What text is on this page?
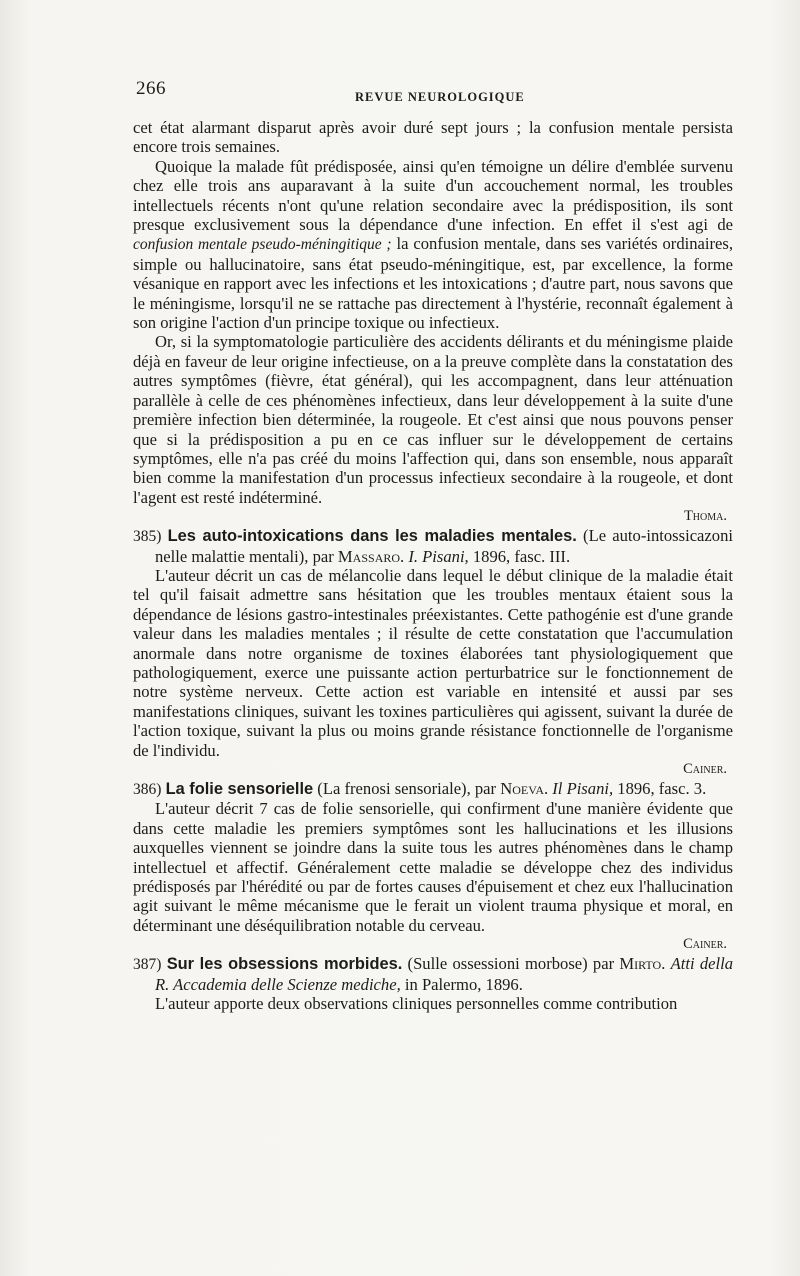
266	REVUE NEUROLOGIQUE

cet état alarmant disparut après avoir duré sept jours ; la confusion mentale persista encore trois semaines.

Quoique la malade fût prédisposée, ainsi qu'en témoigne un délire d'emblée survenu chez elle trois ans auparavant à la suite d'un accouchement normal, les troubles intellectuels récents n'ont qu'une relation secondaire avec la prédisposition, ils sont presque exclusivement sous la dépendance d'une infection. En effet il s'est agi de confusion mentale pseudo-méningitique ; la confusion mentale, dans ses variétés ordinaires, simple ou hallucinatoire, sans état pseudo-méningitique, est, par excellence, la forme vésanique en rapport avec les infections et les intoxications ; d'autre part, nous savons que le méningisme, lorsqu'il ne se rattache pas directement à l'hystérie, reconnaît également à son origine l'action d'un principe toxique ou infectieux.

Or, si la symptomatologie particulière des accidents délirants et du méningisme plaide déjà en faveur de leur origine infectieuse, on a la preuve complète dans la constatation des autres symptômes (fièvre, état général), qui les accompagnent, dans leur atténuation parallèle à celle de ces phénomènes infectieux, dans leur développement à la suite d'une première infection bien déterminée, la rougeole. Et c'est ainsi que nous pouvons penser que si la prédisposition a pu en ce cas influer sur le développement de certains symptômes, elle n'a pas créé du moins l'affection qui, dans son ensemble, nous apparaît bien comme la manifestation d'un processus infectieux secondaire à la rougeole, et dont l'agent est resté indéterminé.

Thoma.

385) Les auto-intoxications dans les maladies mentales. (Le auto-intossicazoni nelle malattie mentali), par Massaro. I. Pisani, 1896, fasc. III.

L'auteur décrit un cas de mélancolie dans lequel le début clinique de la maladie était tel qu'il faisait admettre sans hésitation que les troubles mentaux étaient sous la dépendance de lésions gastro-intestinales préexistantes. Cette pathogénie est d'une grande valeur dans les maladies mentales ; il résulte de cette constatation que l'accumulation anormale dans notre organisme de toxines élaborées tant physiologiquement que pathologiquement, exerce une puissante action perturbatrice sur le fonctionnement de notre système nerveux. Cette action est variable en intensité et aussi par ses manifestations cliniques, suivant les toxines particulières qui agissent, suivant la durée de l'action toxique, suivant la plus ou moins grande résistance fonctionnelle de l'organisme de l'individu.

Cainer.

386) La folie sensorielle (La frenosi sensoriale), par Noeva. Il Pisani, 1896, fasc. 3.

L'auteur décrit 7 cas de folie sensorielle, qui confirment d'une manière évidente que dans cette maladie les premiers symptômes sont les hallucinations et les illusions auxquelles viennent se joindre dans la suite tous les autres phénomènes dans le champ intellectuel et affectif. Généralement cette maladie se développe chez des individus prédisposés par l'hérédité ou par de fortes causes d'épuisement et chez eux l'hallucination agit suivant le même mécanisme que le ferait un violent trauma physique et moral, en déterminant une déséquilibration notable du cerveau.

Cainer.

387) Sur les obsessions morbides. (Sulle ossessioni morbose) par Mirto. Atti della R. Accademia delle Scienze mediche, in Palermo, 1896.

L'auteur apporte deux observations cliniques personnelles comme contribution
